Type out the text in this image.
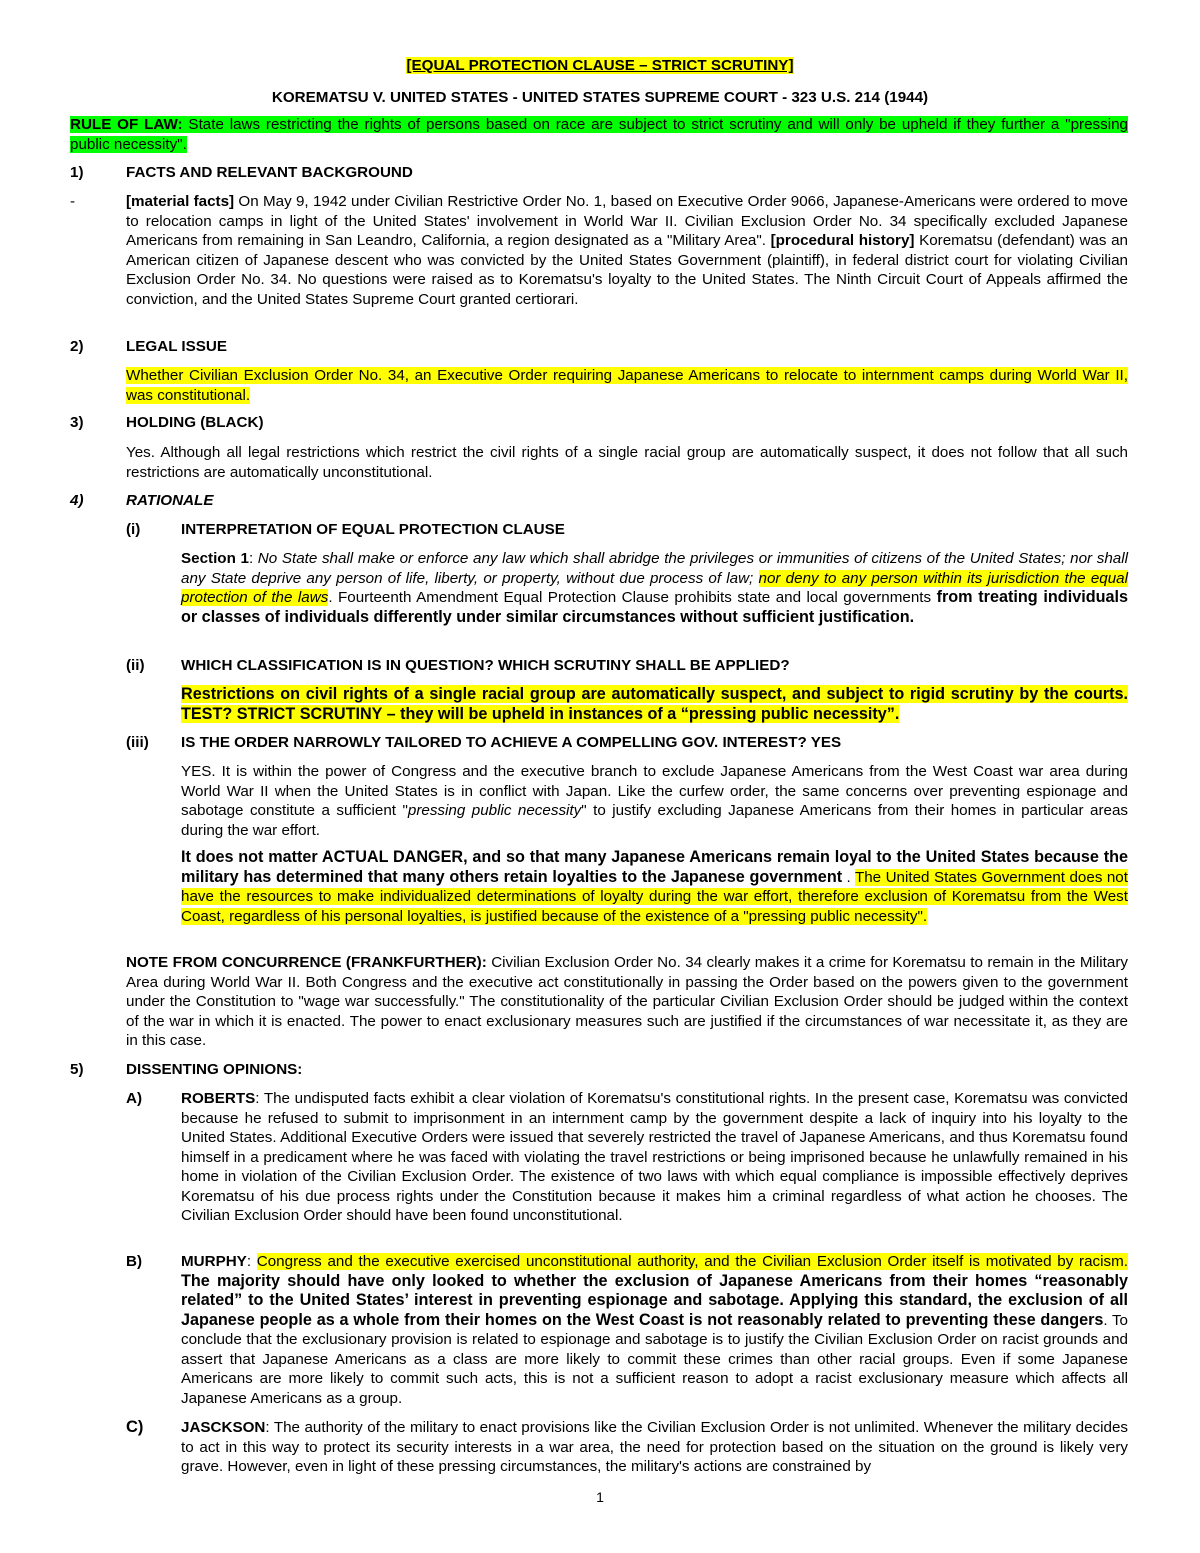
[EQUAL PROTECTION CLAUSE – STRICT SCRUTINY]
KOREMATSU V. UNITED STATES - UNITED STATES SUPREME COURT - 323 U.S. 214 (1944)
RULE OF LAW: State laws restricting the rights of persons based on race are subject to strict scrutiny and will only be upheld if they further a "pressing public necessity".
1)	FACTS AND RELEVANT BACKGROUND
-	[material facts] On May 9, 1942 under Civilian Restrictive Order No. 1, based on Executive Order 9066, Japanese-Americans were ordered to move to relocation camps in light of the United States' involvement in World War II. Civilian Exclusion Order No. 34 specifically excluded Japanese Americans from remaining in San Leandro, California, a region designated as a "Military Area". [procedural history] Korematsu (defendant) was an American citizen of Japanese descent who was convicted by the United States Government (plaintiff), in federal district court for violating Civilian Exclusion Order No. 34. No questions were raised as to Korematsu's loyalty to the United States. The Ninth Circuit Court of Appeals affirmed the conviction, and the United States Supreme Court granted certiorari.
2)	LEGAL ISSUE
Whether Civilian Exclusion Order No. 34, an Executive Order requiring Japanese Americans to relocate to internment camps during World War II, was constitutional.
3)	HOLDING (BLACK)
Yes. Although all legal restrictions which restrict the civil rights of a single racial group are automatically suspect, it does not follow that all such restrictions are automatically unconstitutional.
4)	RATIONALE
(i)	INTERPRETATION OF EQUAL PROTECTION CLAUSE
Section 1: No State shall make or enforce any law which shall abridge the privileges or immunities of citizens of the United States; nor shall any State deprive any person of life, liberty, or property, without due process of law; nor deny to any person within its jurisdiction the equal protection of the laws. Fourteenth Amendment Equal Protection Clause prohibits state and local governments from treating individuals or classes of individuals differently under similar circumstances without sufficient justification.
(ii) WHICH CLASSIFICATION IS IN QUESTION? WHICH SCRUTINY SHALL BE APPLIED?
Restrictions on civil rights of a single racial group are automatically suspect, and subject to rigid scrutiny by the courts. TEST? STRICT SCRUTINY – they will be upheld in instances of a “pressing public necessity”.
(iii) IS THE ORDER NARROWLY TAILORED TO ACHIEVE A COMPELLING GOV. INTEREST? YES
YES. It is within the power of Congress and the executive branch to exclude Japanese Americans from the West Coast war area during World War II when the United States is in conflict with Japan. Like the curfew order, the same concerns over preventing espionage and sabotage constitute a sufficient "pressing public necessity" to justify excluding Japanese Americans from their homes in particular areas during the war effort.
It does not matter ACTUAL DANGER, and so that many Japanese Americans remain loyal to the United States because the military has determined that many others retain loyalties to the Japanese government . The United States Government does not have the resources to make individualized determinations of loyalty during the war effort, therefore exclusion of Korematsu from the West Coast, regardless of his personal loyalties, is justified because of the existence of a "pressing public necessity".
NOTE FROM CONCURRENCE (FRANKFURTHER): Civilian Exclusion Order No. 34 clearly makes it a crime for Korematsu to remain in the Military Area during World War II. Both Congress and the executive act constitutionally in passing the Order based on the powers given to the government under the Constitution to "wage war successfully." The constitutionality of the particular Civilian Exclusion Order should be judged within the context of the war in which it is enacted. The power to enact exclusionary measures such are justified if the circumstances of war necessitate it, as they are in this case.
5)	DISSENTING OPINIONS:
A)	ROBERTS: The undisputed facts exhibit a clear violation of Korematsu's constitutional rights. In the present case, Korematsu was convicted because he refused to submit to imprisonment in an internment camp by the government despite a lack of inquiry into his loyalty to the United States. Additional Executive Orders were issued that severely restricted the travel of Japanese Americans, and thus Korematsu found himself in a predicament where he was faced with violating the travel restrictions or being imprisoned because he unlawfully remained in his home in violation of the Civilian Exclusion Order. The existence of two laws with which equal compliance is impossible effectively deprives Korematsu of his due process rights under the Constitution because it makes him a criminal regardless of what action he chooses. The Civilian Exclusion Order should have been found unconstitutional.
B)	MURPHY: Congress and the executive exercised unconstitutional authority, and the Civilian Exclusion Order itself is motivated by racism. The majority should have only looked to whether the exclusion of Japanese Americans from their homes “reasonably related” to the United States’ interest in preventing espionage and sabotage. Applying this standard, the exclusion of all Japanese people as a whole from their homes on the West Coast is not reasonably related to preventing these dangers. To conclude that the exclusionary provision is related to espionage and sabotage is to justify the Civilian Exclusion Order on racist grounds and assert that Japanese Americans as a class are more likely to commit these crimes than other racial groups. Even if some Japanese Americans are more likely to commit such acts, this is not a sufficient reason to adopt a racist exclusionary measure which affects all Japanese Americans as a group.
C) JASCKSON: The authority of the military to enact provisions like the Civilian Exclusion Order is not unlimited. Whenever the military decides to act in this way to protect its security interests in a war area, the need for protection based on the situation on the ground is likely very grave. However, even in light of these pressing circumstances, the military's actions are constrained by
1
